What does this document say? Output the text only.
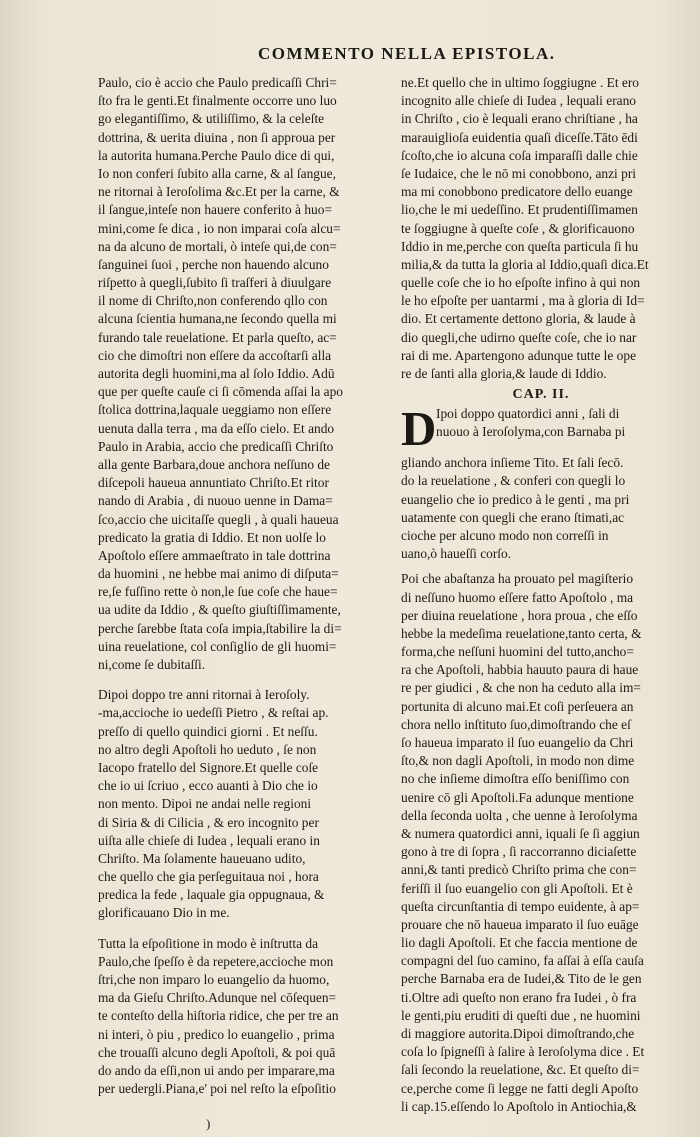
COMMENTO NELLA EPISTOLA.
Paulo, cio è accio che Paulo predicaſſi Chri=
ſto fra le genti.Et finalmente occorre uno luo
go elegantiſſimo, & utiliſſimo, & la celeſte
dottrina, & uerita diuina , non ſi approua per
la autorita humana.Perche Paulo dice di qui,
Io non conferi ſubito alla carne, & al ſangue,
ne ritornai à Ieroſolima &c.Et per la carne, &
il ſangue,inteſe non hauere conferito à huo=
mini,come ſe dica , io non imparai coſa alcu=
na da alcuno de mortali, ò inteſe qui,de con=
ſanguinei ſuoi , perche non hauendo alcuno
riſpetto à quegli,ſubito ſi traſferi à diuulgare
il nome di Chriſto,non conferendo qllo con
alcuna ſcientia humana,ne ſecondo quella mi
furando tale reuelatione. Et parla queſto, ac=
cio che dimoſtri non eſſere da accoſtarſi alla
autorita degli huomini,ma al ſolo Iddio. Adū
que per queſte cauſe ci ſi cōmenda aſſai la apo
ſtolica dottrina,laquale ueggiamo non eſſere
uenuta dalla terra , ma da eſſo cielo. Et ando
Paulo in Arabia, accio che predicaſſi Chriſto
alla gente Barbara,doue anchora neſſuno de
diſcepoli haueua annuntiato Chriſto.Et ritor
nando di Arabia , di nuouo uenne in Dama=
ſco,accio che uicitaſſe quegli , à quali haueua
predicato la gratia di Iddio. Et non uolſe lo
Apoſtolo eſſere ammaeſtrato in tale dottrina
da huomini , ne hebbe mai animo di diſputa=
re,ſe fuſſino rette ò non,le ſue coſe che haue=
ua udite da Iddio , & queſto giuſtiſſimamente,
perche ſarebbe ſtata coſa impia,ſtabilire la di=
uina reuelatione, col conſiglio de gli huomi=
ni,come ſe dubitaſſi.
Dipoi doppo tre anni ritornai à Ieroſoly.
-ma,accioche io uedeſſi Pietro , & reſtai ap.
preſſo di quello quindici giorni . Et neſſu.
no altro degli Apoſtoli ho ueduto , ſe non
Iacopo fratello del Signore.Et quelle coſe
che io ui ſcriuo , ecco auanti à Dio che io
non mento. Dipoi ne andai nelle regioni
di Siria & di Cilicia , & ero incognito per
uiſta alle chieſe di Iudea , lequali erano in
Chriſto. Ma ſolamente haueuano udito,
che quello che gia perſeguitaua noi , hora
predica la fede , laquale gia oppugnaua, &
glorificauano Dio in me.
Tutta la eſpoſitione in modo è inſtrutta da
Paulo,che ſpeſſo è da repetere,accioche mon
ſtri,che non imparo lo euangelio da huomo,
ma da Gieſu Chriſto.Adunque nel cōſequen=
te conteſto della hiſtoria ridice, che per tre an
ni interi, ò piu , predico lo euangelio , prima
che trouaſſi alcuno degli Apoſtoli, & poi quā
do ando da eſſi,non ui ando per imparare,ma
per uedergli.Piana,e' poi nel reſto la eſpoſitio
ne.Et quello che in ultimo ſoggiugne . Et ero
incognito alle chieſe di Iudea , lequali erano
in Chriſto , cio è lequali erano chriſtiane , ha
marauiglioſa euidentia quaſi diceſſe.Tāto ēdi
ſcoſto,che io alcuna coſa imparaſſi dalle chie
ſe Iudaice, che le nō mi conobbono, anzi pri
ma mi conobbono predicatore dello euange
lio,che le mi uedeſſino. Et prudentiſſimamen
te ſoggiugne à queſte coſe , & glorificauono
Iddio in me,perche con queſta particula ſi hu
milia,& da tutta la gloria al Iddio,quaſi dica.Et
quelle coſe che io ho eſpoſte infino à qui non
le ho eſpoſte per uantarmi , ma à gloria di Id=
dio. Et certamente dettono gloria, & laude à
dio quegli,che udirno queſte coſe, che io nar
rai di me. Apartengono adunque tutte le ope
re de ſanti alla gloria,& laude di Iddio.
CAP. II.
D Ipoi doppo quatordici anni , ſali di
nuouo à Ieroſolyma,con Barnaba pi
gliando anchora inſieme Tito. Et ſali ſecō.
do la reuelatione , & conferi con quegli lo
euangelio che io predico à le genti , ma pri
uatamente con quegli che erano ſtimati,ac
cioche per alcuno modo non correſſi in
uano,ò haueſſi corſo.
Poi che abaſtanza ha prouato pel magiſterio
di neſſuno huomo eſſere fatto Apoſtolo , ma
per diuina reuelatione , hora proua , che eſſo
hebbe la medeſima reuelatione,tanto certa, &
forma,che neſſuni huomini del tutto,ancho=
ra che Apoſtoli, habbia hauuto paura di haue
re per giudici , & che non ha ceduto alla im=
portunita di alcuno mai.Et coſi perſeuera an
chora nello inſtituto ſuo,dimoſtrando che eſ
ſo haueua imparato il ſuo euangelio da Chri
ſto,& non dagli Apoſtoli, in modo non dime
no che inſieme dimoſtra eſſo beniſſimo con
uenire cō gli Apoſtoli.Fa adunque mentione
della ſeconda uolta , che uenne à Ieroſolyma
& numera quatordici anni, iquali ſe ſi aggiun
gono à tre di ſopra , ſi raccorranno diciaſette
anni,& tanti predicò Chriſto prima che con=
feriſſi il ſuo euangelio con gli Apoſtoli. Et è
queſta circunſtantia di tempo euidente, à ap=
prouare che nō haueua imparato il ſuo euāge
lio dagli Apoſtoli. Et che faccia mentione de
compagni del ſuo camino, fa aſſai à eſſa cauſa
perche Barnaba era de Iudei,& Tito de le gen
ti.Oltre adi queſto non erano fra Iudei , ò fra
le genti,piu eruditi di queſti due , ne huomini
di maggiore autorita.Dipoi dimoſtrando,che
coſa lo ſpigneſſi à ſalire à Ieroſolyma dice . Et
ſali ſecondo la reuelatione, &c. Et queſto di=
ce,perche come ſi legge ne fatti degli Apoſto
li cap.15.eſſendo lo Apoſtolo in Antiochia,&
)
